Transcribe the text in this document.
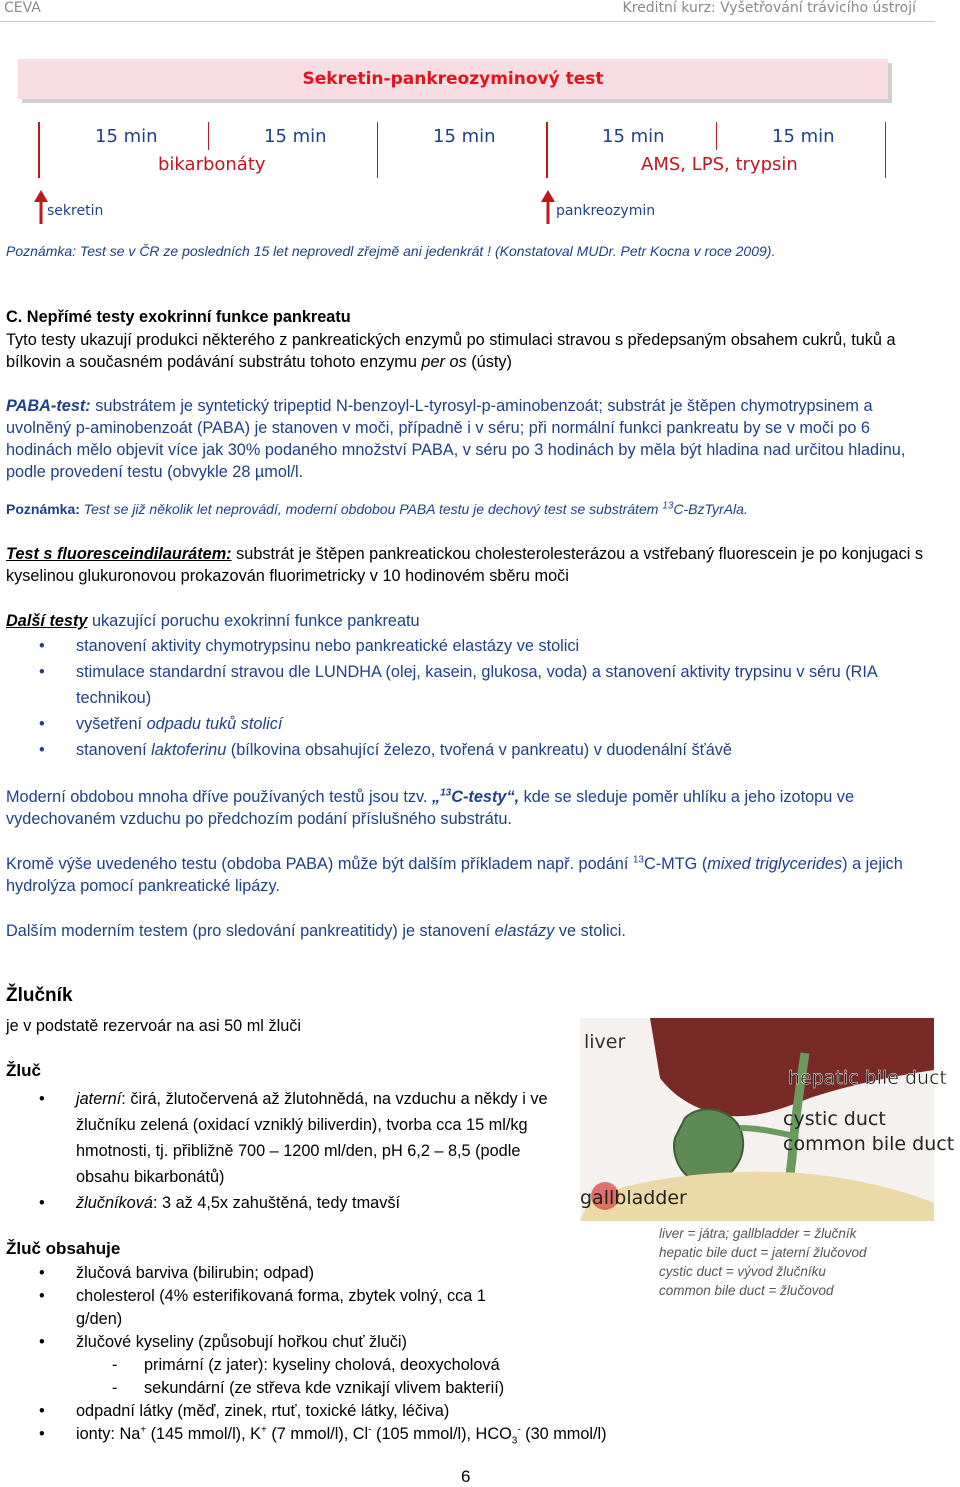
CEVA	Kreditní kurz: Vyšetřování trávicího ústrojí
Sekretin-pankreozyminový test
15 min	15 min	15 min	15 min	15 min
bikarbonáty	AMS, LPS, trypsin
sekretin	pankreozymin
Poznámka: Test se v ČR ze posledních 15 let neprovedl zřejmě ani jedenkrát ! (Konstatoval MUDr. Petr Kocna v roce 2009).
C. Nepřímé testy exokrinní funkce pankreatu
Tyto testy ukazují produkci některého z pankreatických enzymů po stimulaci stravou s předepsaným obsahem cukrů, tuků a bílkovin a současném podávání substrátu tohoto enzymu per os (ústy)
PABA-test: substrátem je syntetický tripeptid N-benzoyl-L-tyrosyl-p-aminobenzoát; substrát je štěpen chymotrypsinem a uvolněný p-aminobenzoát (PABA) je stanoven v moči, případně i v séru; při normální funkci pankreatu by se v moči po 6 hodinách mělo objevit více jak 30% podaného množství PABA, v séru po 3 hodinách by měla být hladina nad určitou hladinu, podle provedení testu (obvykle 28 µmol/l.
Poznámka: Test se již několik let neprovádí, moderní obdobou PABA testu je dechový test se substrátem $^{13}$C-BzTyrAla.
Test s fluoresceindilaurátem: substrát je štěpen pankreatickou cholesterolesterázou a vstřebaný fluorescein je po konjugaci s kyselinou glukuronovou prokazován fluorimetricky v 10 hodinovém sběru moči
Další testy ukazující poruchu exokrinní funkce pankreatu
• stanovení aktivity chymotrypsinu nebo pankreatické elastázy ve stolici
• stimulace standardní stravou dle LUNDHA (olej, kasein, glukosa, voda) a stanovení aktivity trypsinu v séru (RIA technikou)
• vyšetření odpadu tuků stolicí
• stanovení laktoferinu (bílkovina obsahující železo, tvořená v pankreatu) v duodenální šťávě
Moderní obdobou mnoha dříve používaných testů jsou tzv. „$^{13}$C-testy“, kde se sleduje poměr uhlíku a jeho izotopu ve vydechovaném vzduchu po předchozím podání příslušného substrátu.
Kromě výše uvedeného testu (obdoba PABA) může být dalším příkladem např. podání $^{13}$C-MTG (mixed triglycerides) a jejich hydrolýza pomocí pankreatické lipázy.
Dalším moderním testem (pro sledování pankreatitidy) je stanovení elastázy ve stolici.
Žlučník
je v podstatě rezervoár na asi 50 ml žluči
Žluč
• jaterní: čirá, žlutočervená až žlutohnědá, na vzduchu a někdy i ve žlučníku zelená (oxidací vzniklý biliverdin), tvorba cca 15 ml/kg hmotnosti, tj. přibližně 700 – 1200 ml/den, pH 6,2 – 8,5 (podle obsahu bikarbonátů)
• žlučníková: 3 až 4,5x zahuštěná, tedy tmavší
Žluč obsahuje
• žlučová barviva (bilirubin; odpad)
• cholesterol (4% esterifikovaná forma, zbytek volný, cca 1 g/den)
• žlučové kyseliny (způsobují hořkou chuť žluči)
- primární (z jater): kyseliny cholová, deoxycholová
- sekundární (ze střeva kde vznikají vlivem bakterií)
• odpadní látky (měď, zinek, rtuť, toxické látky, léčiva)
• ionty: Na+ (145 mmol/l), K+ (7 mmol/l), Cl- (105 mmol/l), $HCO_3^-$ (30 mmol/l)
liver
hepatic bile duct
cystic duct
common bile duct
gallbladder
liver = játra; gallbladder = žlučník
hepatic bile duct = jaterní žlučovod
cystic duct = vývod žlučníku
common bile duct = žlučovod
6
